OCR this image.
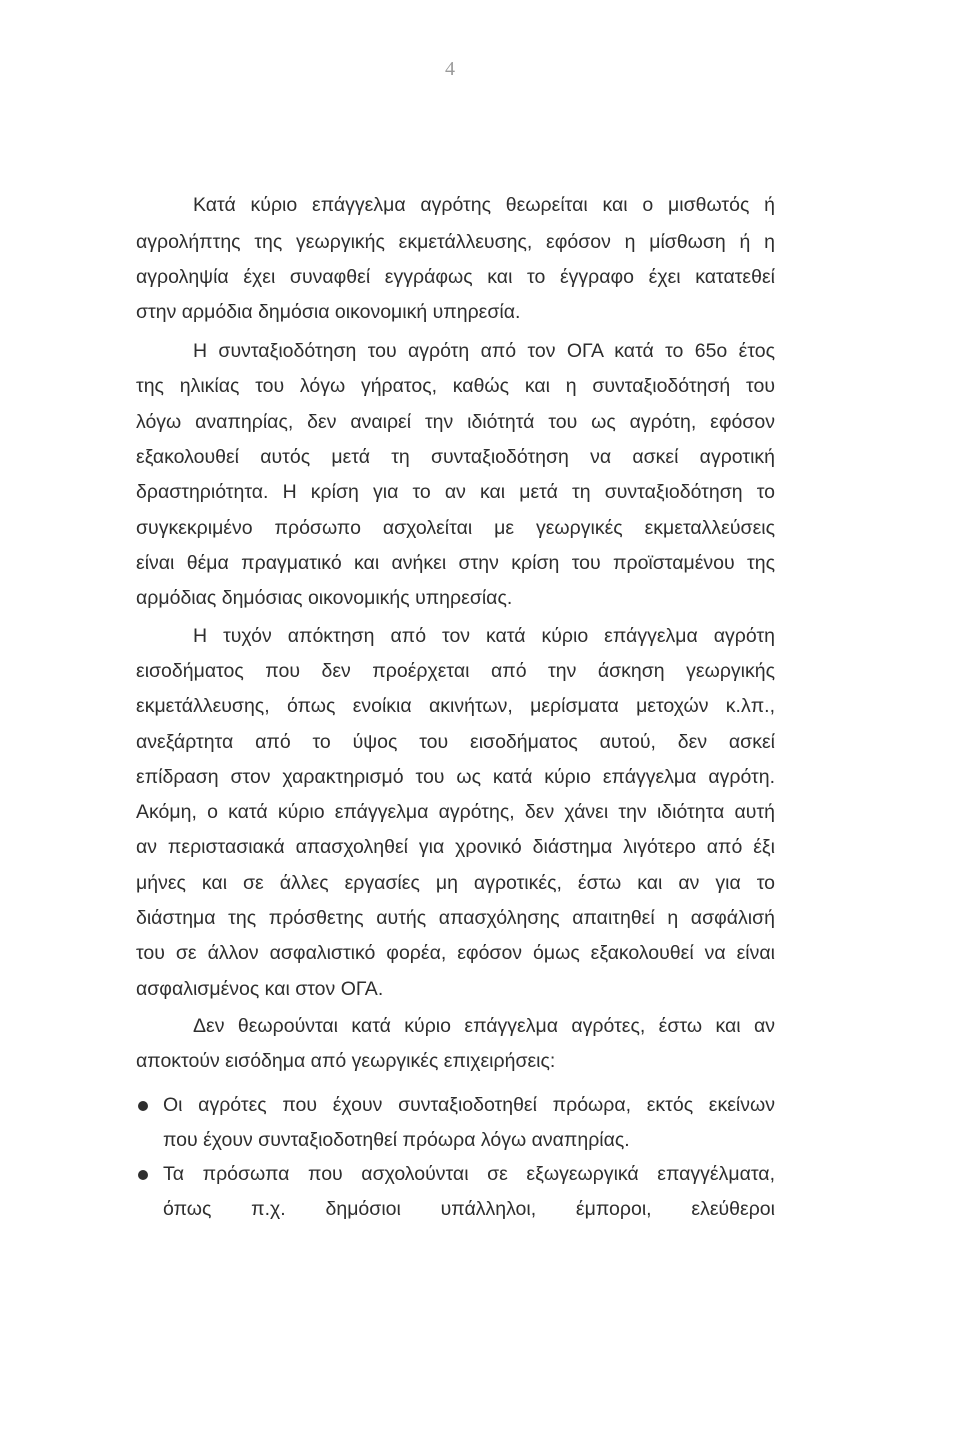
4
Κατά κύριο επάγγελμα αγρότης θεωρείται και ο μισθωτός ή
αγρολήπτης της γεωργικής εκμετάλλευσης, εφόσον η μίσθωση ή η
αγροληψία έχει συναφθεί εγγράφως και το έγγραφο έχει κατατεθεί
στην αρμόδια δημόσια οικονομική υπηρεσία.
Η συνταξιοδότηση του αγρότη από τον ΟΓΑ κατά το 65ο έτος
της ηλικίας του λόγω γήρατος, καθώς και η συνταξιοδότησή του
λόγω αναπηρίας, δεν αναιρεί την ιδιότητά του ως αγρότη, εφόσον
εξακολουθεί αυτός μετά τη συνταξιοδότηση να ασκεί αγροτική
δραστηριότητα. Η κρίση για το αν και μετά τη συνταξιοδότηση το
συγκεκριμένο πρόσωπο ασχολείται με γεωργικές εκμεταλλεύσεις
είναι θέμα πραγματικό και ανήκει στην κρίση του προϊσταμένου της
αρμόδιας δημόσιας οικονομικής υπηρεσίας.
Η τυχόν απόκτηση από τον κατά κύριο επάγγελμα αγρότη
εισοδήματος που δεν προέρχεται από την άσκηση γεωργικής
εκμετάλλευσης, όπως ενοίκια ακινήτων, μερίσματα μετοχών κ.λπ.,
ανεξάρτητα από το ύψος του εισοδήματος αυτού, δεν ασκεί
επίδραση στον χαρακτηρισμό του ως κατά κύριο επάγγελμα αγρότη.
Ακόμη, ο κατά κύριο επάγγελμα αγρότης, δεν χάνει την ιδιότητα αυτή
αν περιστασιακά απασχοληθεί για χρονικό διάστημα λιγότερο από έξι
μήνες και σε άλλες εργασίες μη αγροτικές, έστω και αν για το
διάστημα της πρόσθετης αυτής απασχόλησης απαιτηθεί η ασφάλισή
του σε άλλον ασφαλιστικό φορέα, εφόσον όμως εξακολουθεί να είναι
ασφαλισμένος και στον ΟΓΑ.
Δεν θεωρούνται κατά κύριο επάγγελμα αγρότες, έστω και αν
αποκτούν εισόδημα από γεωργικές επιχειρήσεις:
Οι αγρότες που έχουν συνταξιοδοτηθεί πρόωρα, εκτός εκείνων
που έχουν συνταξιοδοτηθεί πρόωρα λόγω αναπηρίας.
Τα πρόσωπα που ασχολούνται σε εξωγεωργικά επαγγέλματα,
όπως π.χ. δημόσιοι υπάλληλοι, έμποροι, ελεύθεροι
